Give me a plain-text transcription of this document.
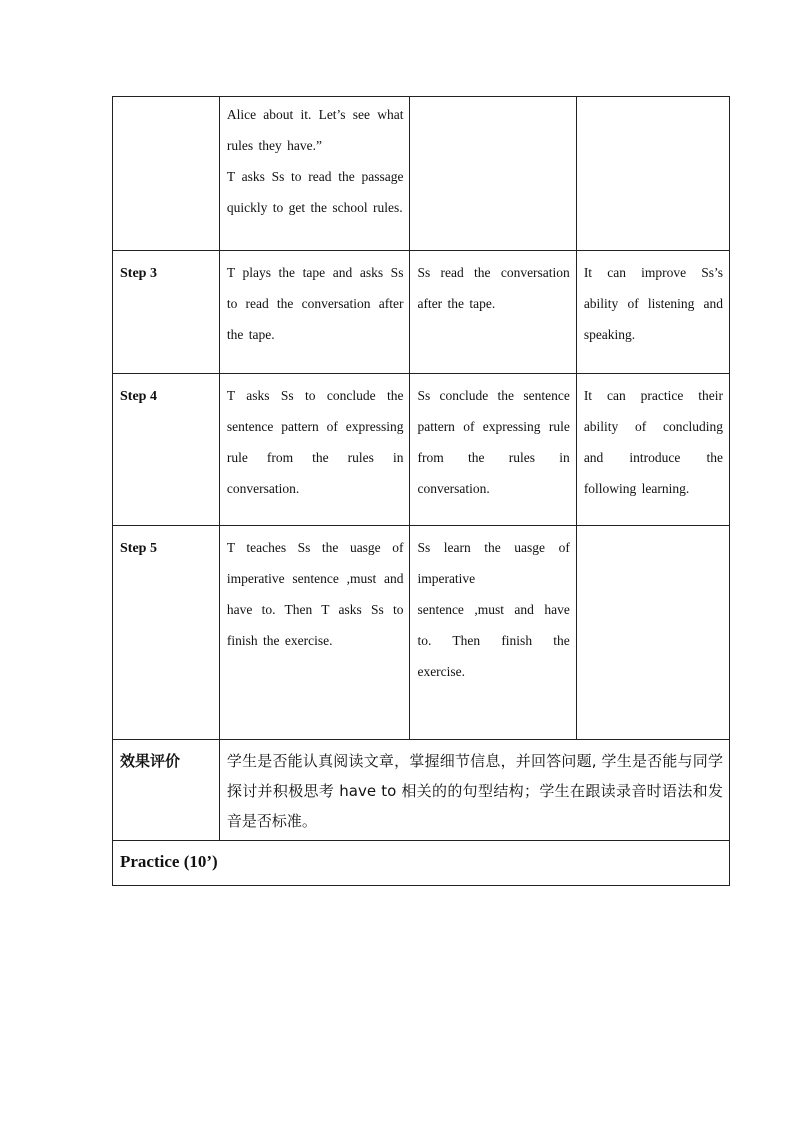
	Alice about it. Let’s see what rules they have.”
T asks Ss to read the passage quickly to get the school rules.		

Step 3	T plays the tape and asks Ss to read the conversation after the tape.	Ss read the conversation after the tape.	It can improve Ss’s ability of listening and speaking.

Step 4	T asks Ss to conclude the sentence pattern of expressing rule from the rules in conversation.	Ss conclude the sentence pattern of expressing rule from the rules in conversation.	It can practice their ability of concluding and introduce the following learning.

Step 5	T teaches Ss the uasge of imperative sentence ,must and have to. Then T asks Ss to finish the exercise.	Ss learn the uasge of imperative
sentence ,must and have to. Then finish the exercise.	

效果评价	学生是否能认真阅读文章，掌握细节信息，并回答问题, 学生是否能与同学探讨并积极思考 have to 相关的的句型结构；学生在跟读录音时语法和发音是否标准。		

Practice (10’)			
